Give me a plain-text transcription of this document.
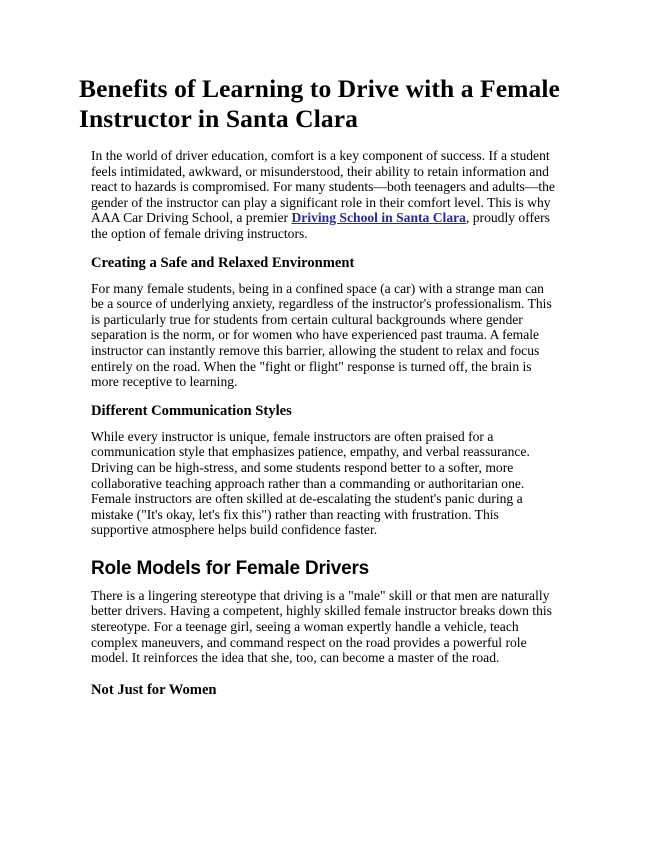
Benefits of Learning to Drive with a Female Instructor in Santa Clara

In the world of driver education, comfort is a key component of success. If a student feels intimidated, awkward, or misunderstood, their ability to retain information and react to hazards is compromised. For many students—both teenagers and adults—the gender of the instructor can play a significant role in their comfort level. This is why AAA Car Driving School, a premier Driving School in Santa Clara, proudly offers the option of female driving instructors.

Creating a Safe and Relaxed Environment

For many female students, being in a confined space (a car) with a strange man can be a source of underlying anxiety, regardless of the instructor's professionalism. This is particularly true for students from certain cultural backgrounds where gender separation is the norm, or for women who have experienced past trauma. A female instructor can instantly remove this barrier, allowing the student to relax and focus entirely on the road. When the "fight or flight" response is turned off, the brain is more receptive to learning.

Different Communication Styles

While every instructor is unique, female instructors are often praised for a communication style that emphasizes patience, empathy, and verbal reassurance. Driving can be high-stress, and some students respond better to a softer, more collaborative teaching approach rather than a commanding or authoritarian one. Female instructors are often skilled at de-escalating the student's panic during a mistake ("It's okay, let's fix this") rather than reacting with frustration. This supportive atmosphere helps build confidence faster.

Role Models for Female Drivers

There is a lingering stereotype that driving is a "male" skill or that men are naturally better drivers. Having a competent, highly skilled female instructor breaks down this stereotype. For a teenage girl, seeing a woman expertly handle a vehicle, teach complex maneuvers, and command respect on the road provides a powerful role model. It reinforces the idea that she, too, can become a master of the road.

Not Just for Women
